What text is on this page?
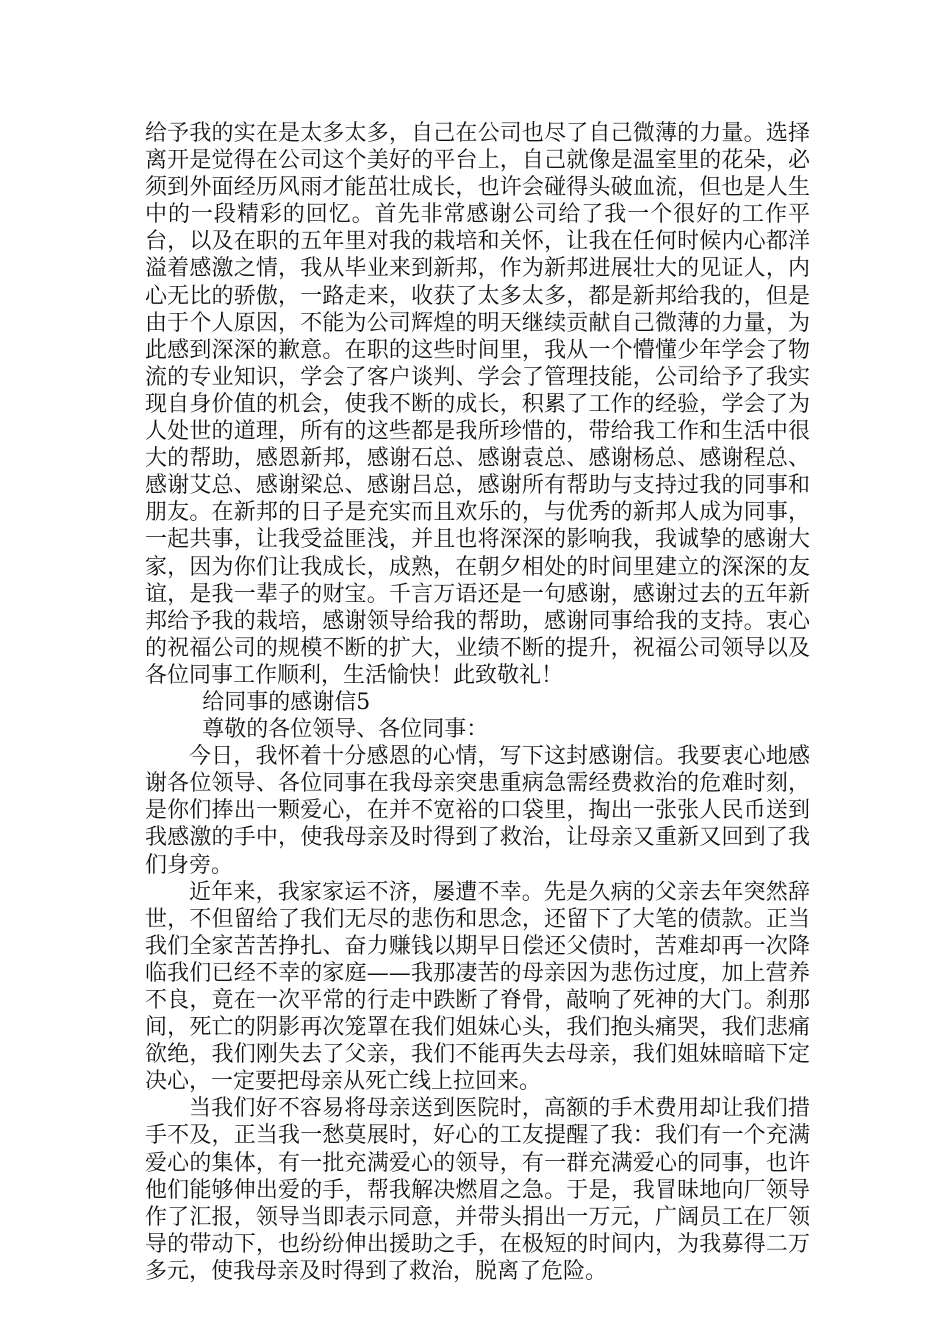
给予我的实在是太多太多，自己在公司也尽了自己微薄的力量。选择离开是觉得在公司这个美好的平台上，自己就像是温室里的花朵，必须到外面经历风雨才能茁壮成长，也许会碰得头破血流，但也是人生中的一段精彩的回忆。首先非常感谢公司给了我一个很好的工作平台，以及在职的五年里对我的栽培和关怀，让我在任何时候内心都洋溢着感激之情，我从毕业来到新邦，作为新邦进展壮大的见证人，内心无比的骄傲，一路走来，收获了太多太多，都是新邦给我的，但是由于个人原因，不能为公司辉煌的明天继续贡献自己微薄的力量，为此感到深深的歉意。在职的这些时间里，我从一个懵懂少年学会了物流的专业知识，学会了客户谈判、学会了管理技能，公司给予了我实现自身价值的机会，使我不断的成长，积累了工作的经验，学会了为人处世的道理，所有的这些都是我所珍惜的，带给我工作和生活中很大的帮助，感恩新邦，感谢石总、感谢袁总、感谢杨总、感谢程总、感谢艾总、感谢梁总、感谢吕总，感谢所有帮助与支持过我的同事和朋友。在新邦的日子是充实而且欢乐的，与优秀的新邦人成为同事，一起共事，让我受益匪浅，并且也将深深的影响我，我诚挚的感谢大家，因为你们让我成长，成熟，在朝夕相处的时间里建立的深深的友谊，是我一辈子的财宝。千言万语还是一句感谢，感谢过去的五年新邦给予我的栽培，感谢领导给我的帮助，感谢同事给我的支持。衷心的祝福公司的规模不断的扩大，业绩不断的提升，祝福公司领导以及各位同事工作顺利，生活愉快！此致敬礼！

给同事的感谢信5

尊敬的各位领导、各位同事：

今日，我怀着十分感恩的心情，写下这封感谢信。我要衷心地感谢各位领导、各位同事在我母亲突患重病急需经费救治的危难时刻，是你们捧出一颗爱心，在并不宽裕的口袋里，掏出一张张人民币送到我感激的手中，使我母亲及时得到了救治，让母亲又重新又回到了我们身旁。

近年来，我家家运不济，屡遭不幸。先是久病的父亲去年突然辞世，不但留给了我们无尽的悲伤和思念，还留下了大笔的债款。正当我们全家苦苦挣扎、奋力赚钱以期早日偿还父债时，苦难却再一次降临我们已经不幸的家庭——我那凄苦的母亲因为悲伤过度，加上营养不良，竟在一次平常的行走中跌断了脊骨，敲响了死神的大门。刹那间，死亡的阴影再次笼罩在我们姐妹心头，我们抱头痛哭，我们悲痛欲绝，我们刚失去了父亲，我们不能再失去母亲，我们姐妹暗暗下定决心，一定要把母亲从死亡线上拉回来。

当我们好不容易将母亲送到医院时，高额的手术费用却让我们措手不及，正当我一愁莫展时，好心的工友提醒了我：我们有一个充满爱心的集体，有一批充满爱心的领导，有一群充满爱心的同事，也许他们能够伸出爱的手，帮我解决燃眉之急。于是，我冒昧地向厂领导作了汇报，领导当即表示同意，并带头捐出一万元，广阔员工在厂领导的带动下，也纷纷伸出援助之手，在极短的时间内，为我募得二万多元，使我母亲及时得到了救治，脱离了危险。
